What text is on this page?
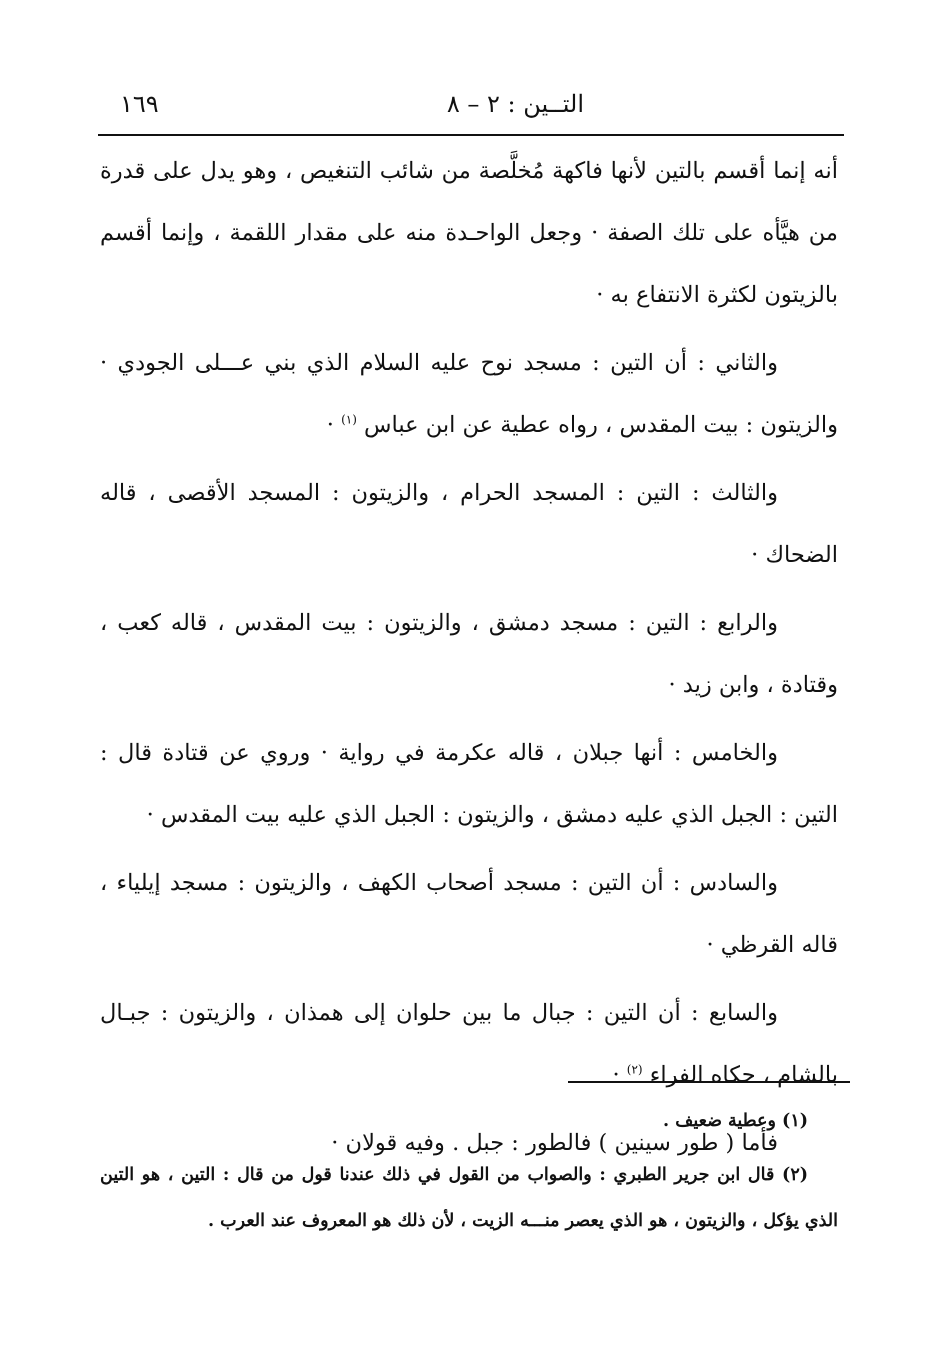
التــين : ٢ – ٨
١٦٩

أنه إنما أقسم بالتين لأنها فاكهة مُخلَّصة من شائب التنغيص ، وهو يدل على قدرة من هيَّأه على تلك الصفة · وجعل الواحـدة منه على مقدار اللقمة ، وإنما أقسم بالزيتون لكثرة الانتفاع به ·

والثاني : أن التين : مسجد نوح عليه السلام الذي بني عـــلى الجودي · والزيتون : بيت المقدس ، رواه عطية عن ابن عباس $^{(١)}$ ·

والثالث : التين : المسجد الحرام ، والزيتون : المسجد الأقصى ، قاله الضحاك ·

والرابع : التين : مسجد دمشق ، والزيتون : بيت المقدس ، قاله كعب ، وقتادة ، وابن زيد ·

والخامس : أنها جبلان ، قاله عكرمة في رواية · وروي عن قتادة قال : التين : الجبل الذي عليه دمشق ، والزيتون : الجبل الذي عليه بيت المقدس ·

والسادس : أن التين : مسجد أصحاب الكهف ، والزيتون : مسجد إيلياء ، قاله القرظي ·

والسابع : أن التين : جبال ما بين حلوان إلى همذان ، والزيتون : جبـال بالشام ، حكاه الفراء $^{(٢)}$ ·

فأما ( طور سينين ) فالطور : جبل . وفيه قولان ·

(١) وعطية ضعيف .

(٢) قال ابن جرير الطبري : والصواب من القول في ذلك عندنا قول من قال : التين ، هو التين الذي يؤكل ، والزيتون ، هو الذي يعصر منـــه الزيت ، لأن ذلك هو المعروف عند العرب .
